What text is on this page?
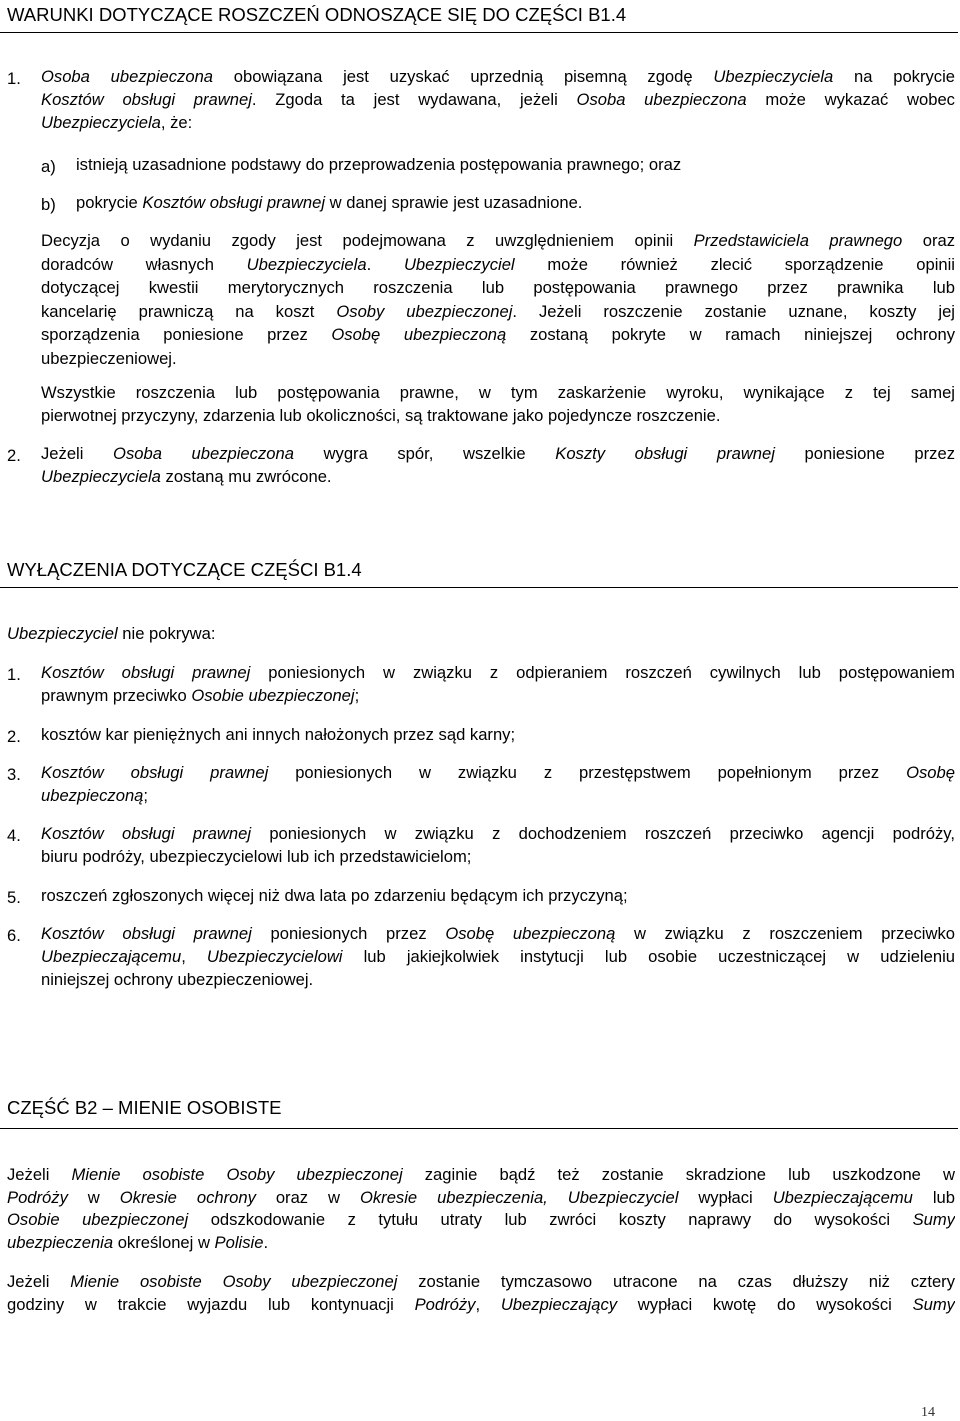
WARUNKI DOTYCZĄCE ROSZCZEŃ ODNOSZĄCE SIĘ DO CZĘŚCI B1.4
1. Osoba ubezpieczona obowiązana jest uzyskać uprzednią pisemną zgodę Ubezpieczyciela na pokrycie
Kosztów obsługi prawnej. Zgoda ta jest wydawana, jeżeli Osoba ubezpieczona może wykazać wobec
Ubezpieczyciela, że:
a) istnieją uzasadnione podstawy do przeprowadzenia postępowania prawnego; oraz
b) pokrycie Kosztów obsługi prawnej w danej sprawie jest uzasadnione.
Decyzja o wydaniu zgody jest podejmowana z uwzględnieniem opinii Przedstawiciela prawnego oraz
doradców własnych Ubezpieczyciela. Ubezpieczyciel może również zlecić sporządzenie opinii
dotyczącej kwestii merytorycznych roszczenia lub postępowania prawnego przez prawnika lub
kancelarię prawniczą na koszt Osoby ubezpieczonej. Jeżeli roszczenie zostanie uznane, koszty jej
sporządzenia poniesione przez Osobę ubezpieczoną zostaną pokryte w ramach niniejszej ochrony
ubezpieczeniowej.
Wszystkie roszczenia lub postępowania prawne, w tym zaskarżenie wyroku, wynikające z tej samej
pierwotnej przyczyny, zdarzenia lub okoliczności, są traktowane jako pojedyncze roszczenie.
2. Jeżeli Osoba ubezpieczona wygra spór, wszelkie Koszty obsługi prawnej poniesione przez
Ubezpieczyciela zostaną mu zwrócone.
WYŁĄCZENIA DOTYCZĄCE CZĘŚCI B1.4
Ubezpieczyciel nie pokrywa:
1. Kosztów obsługi prawnej poniesionych w związku z odpieraniem roszczeń cywilnych lub postępowaniem
prawnym przeciwko Osobie ubezpieczonej;
2. kosztów kar pieniężnych ani innych nałożonych przez sąd karny;
3. Kosztów obsługi prawnej poniesionych w związku z przestępstwem popełnionym przez Osobę
ubezpieczoną;
4. Kosztów obsługi prawnej poniesionych w związku z dochodzeniem roszczeń przeciwko agencji podróży,
biuru podróży, ubezpieczycielowi lub ich przedstawicielom;
5. roszczeń zgłoszonych więcej niż dwa lata po zdarzeniu będącym ich przyczyną;
6. Kosztów obsługi prawnej poniesionych przez Osobę ubezpieczoną w związku z roszczeniem przeciwko
Ubezpieczającemu, Ubezpieczycielowi lub jakiejkolwiek instytucji lub osobie uczestniczącej w udzieleniu
niniejszej ochrony ubezpieczeniowej.
CZĘŚĆ B2 – MIENIE OSOBISTE
Jeżeli Mienie osobiste Osoby ubezpieczonej zaginie bądź też zostanie skradzione lub uszkodzone w
Podróży w Okresie ochrony oraz w Okresie ubezpieczenia, Ubezpieczyciel wypłaci Ubezpieczającemu lub
Osobie ubezpieczonej odszkodowanie z tytułu utraty lub zwróci koszty naprawy do wysokości Sumy
ubezpieczenia określonej w Polisie.
Jeżeli Mienie osobiste Osoby ubezpieczonej zostanie tymczasowo utracone na czas dłuższy niż cztery
godziny w trakcie wyjazdu lub kontynuacji Podróży, Ubezpieczający wypłaci kwotę do wysokości Sumy
14
